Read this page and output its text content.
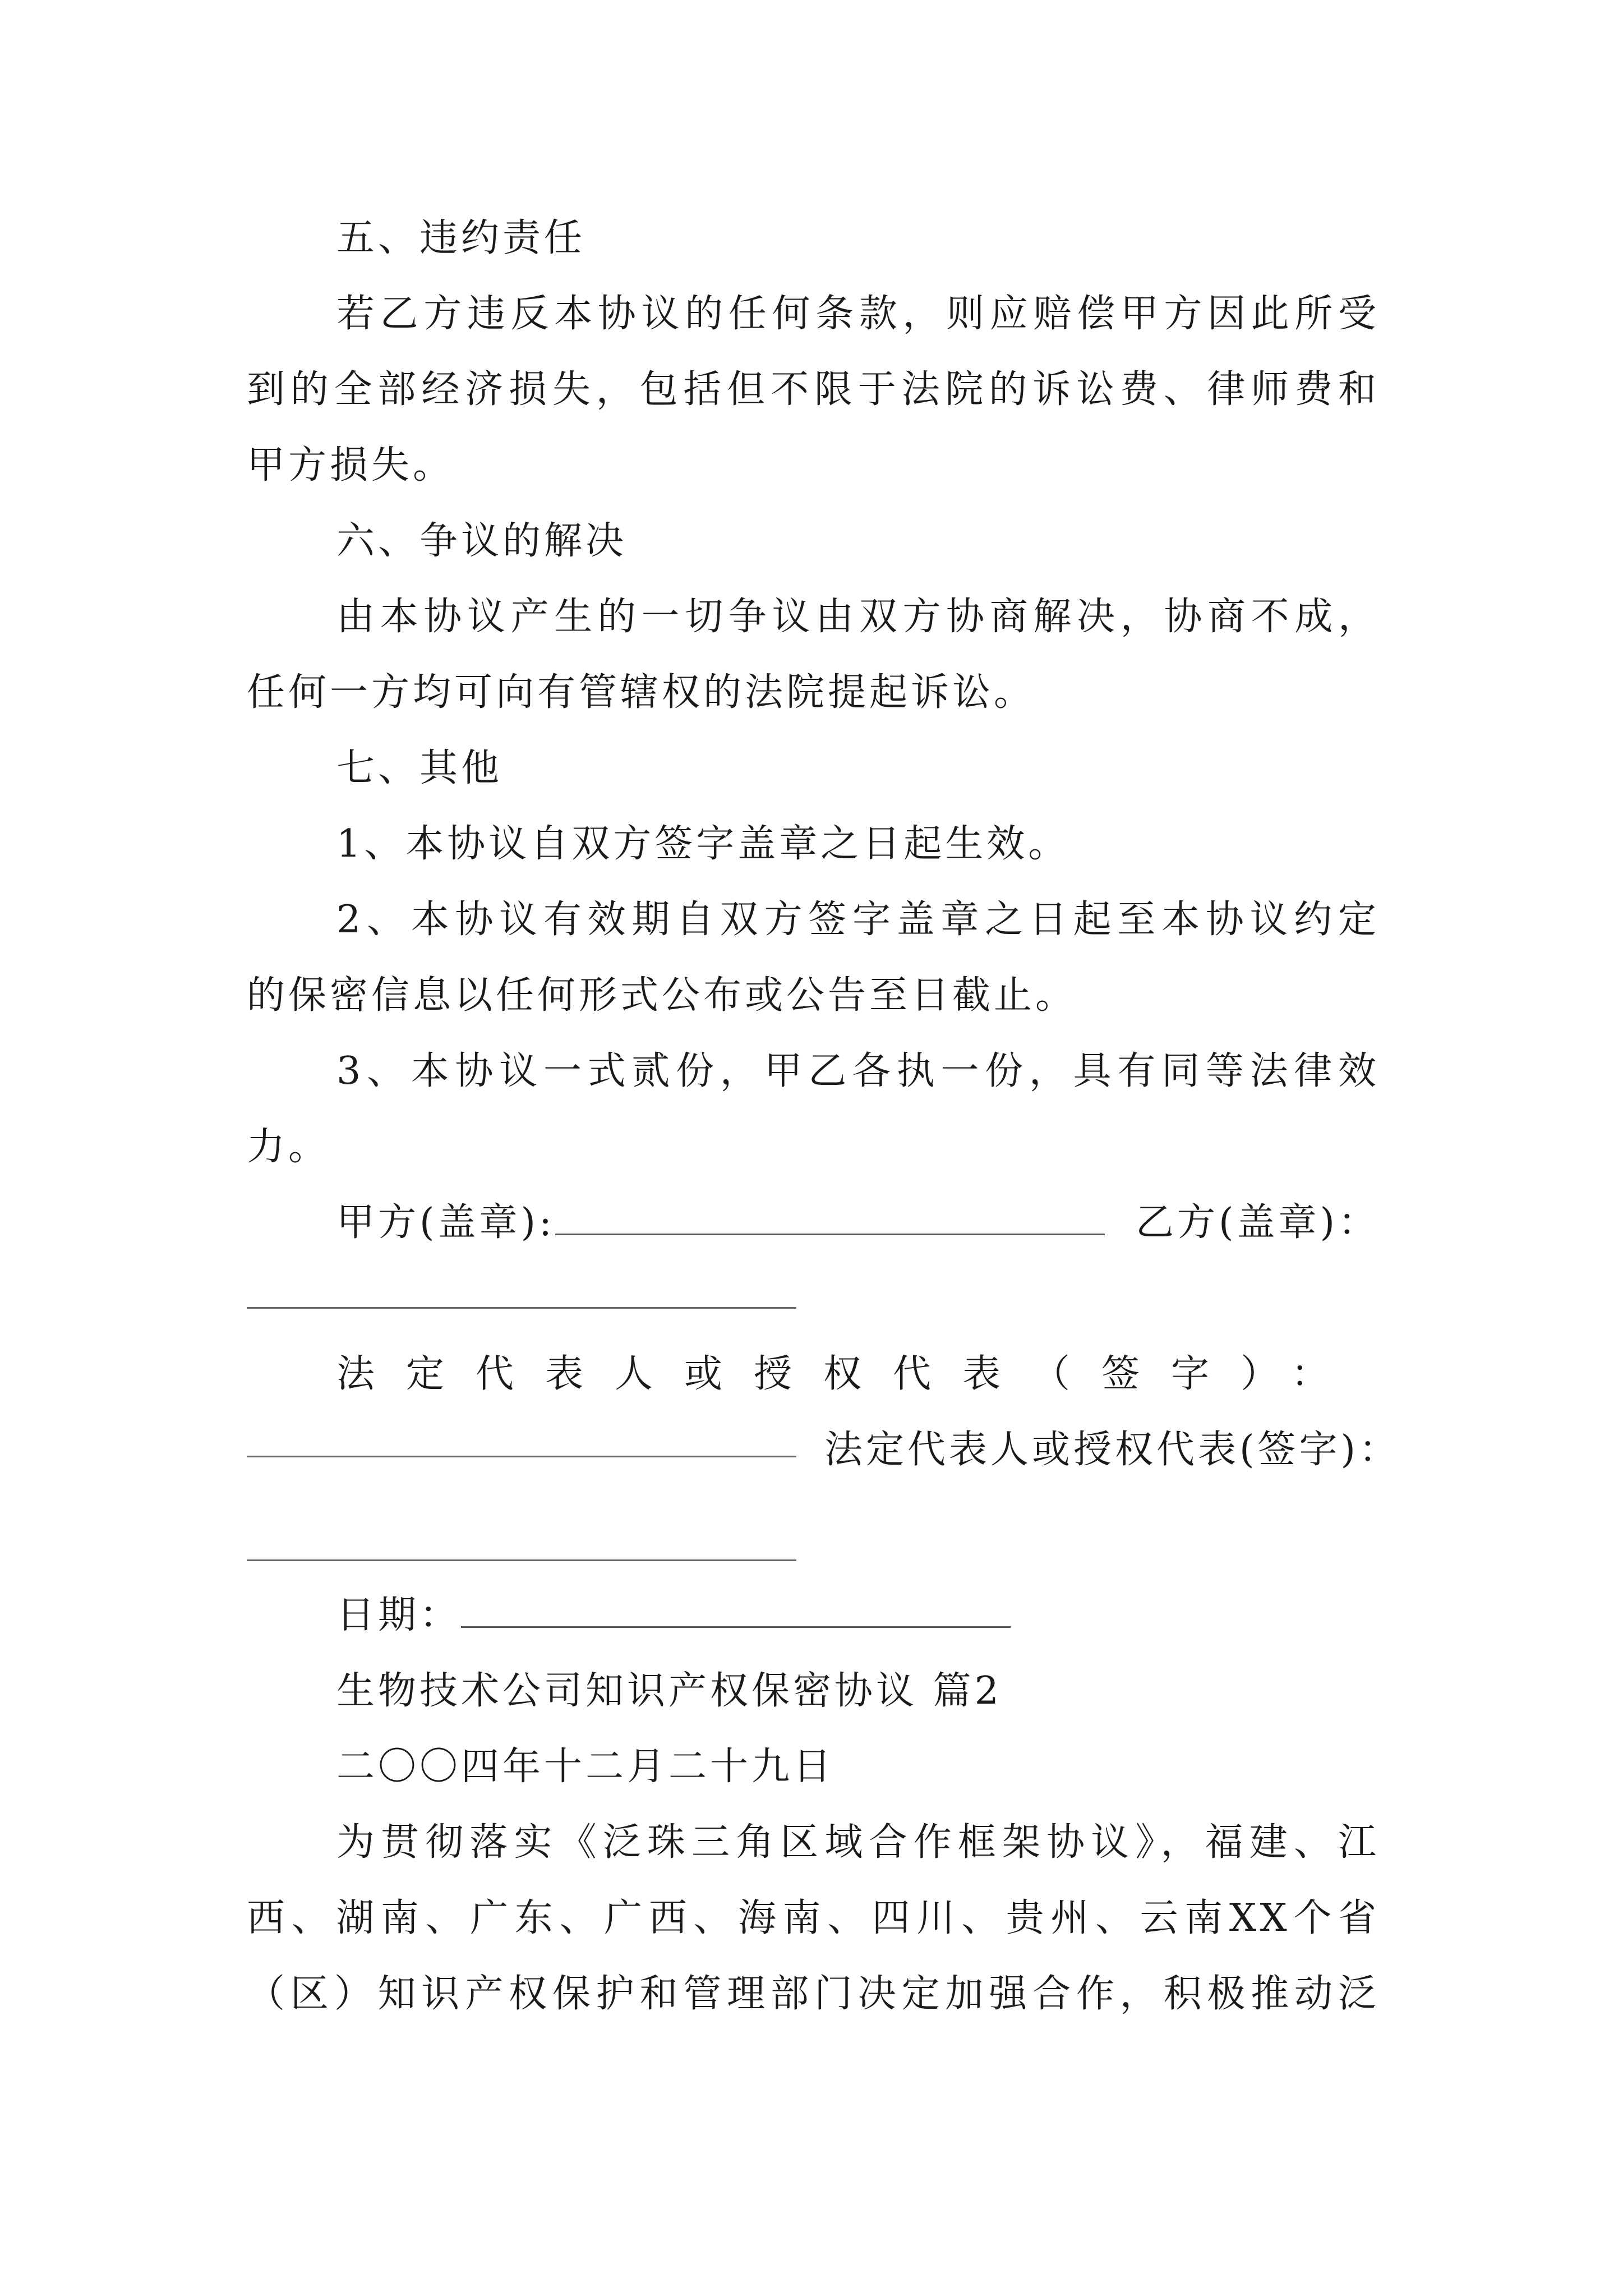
五、违约责任
若乙方违反本协议的任何条款，则应赔偿甲方因此所受
到的全部经济损失，包括但不限于法院的诉讼费、律师费和
甲方损失。
六、争议的解决
由本协议产生的一切争议由双方协商解决，协商不成，
任何一方均可向有管辖权的法院提起诉讼。
七、其他
1、本协议自双方签字盖章之日起生效。
2、本协议有效期自双方签字盖章之日起至本协议约定
的保密信息以任何形式公布或公告至日截止。
3、本协议一式贰份，甲乙各执一份，具有同等法律效
力。
甲方(盖章):	乙方(盖章)：
法定代表人或授权代表（签字）：
法定代表人或授权代表(签字)：
日期：
生物技术公司知识产权保密协议 篇2
二〇〇四年十二月二十九日
为贯彻落实《泛珠三角区域合作框架协议》，福建、江
西、湖南、广东、广西、海南、四川、贵州、云南XX个省
（区）知识产权保护和管理部门决定加强合作，积极推动泛
